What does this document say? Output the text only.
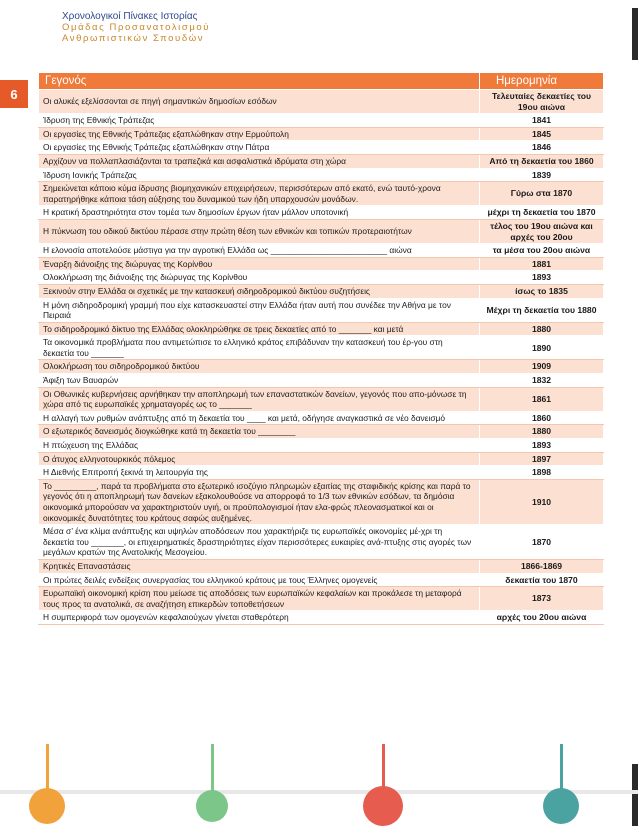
Χρονολογικοί Πίνακες Ιστορίας
Ομάδας Προσανατολισμού
Ανθρωπιστικών Σπουδών
6
Γεγονός	Ημερομηνία
Οι αλυκές εξελίσσονται σε πηγή σημαντικών δημοσίων εσόδων	Τελευταίες δεκαετίες του 19ου αιώνα
Ίδρυση της Εθνικής Τράπεζας	1841
Οι εργασίες της Εθνικής Τράπεζας εξαπλώθηκαν στην Ερμούπολη	1845
Οι εργασίες της Εθνικής Τράπεζας εξαπλώθηκαν στην Πάτρα	1846
Αρχίζουν να πολλαπλασιάζονται τα τραπεζικά και ασφαλιστικά ιδρύματα στη χώρα	Από τη δεκαετία του 1860
Ίδρυση Ιονικής Τράπεζας	1839
Σημειώνεται κάποιο κύμα ίδρυσης βιομηχανικών επιχειρήσεων, περισσότερων από εκατό, ενώ ταυτό-χρονα παρατηρήθηκε κάποια τάση αύξησης του δυναμικού των ήδη υπαρχουσών μονάδων.	Γύρω στα 1870
Η κρατική δραστηριότητα στον τομέα των δημοσίων έργων ήταν μάλλον υποτονική	μέχρι τη δεκαετία του 1870
Η πύκνωση του οδικού δικτύου πέρασε στην πρώτη θέση των εθνικών και τοπικών προτεραιοτήτων	τέλος του 19ου αιώνα και αρχές του 20ου
Η ελονοσία αποτελούσε μάστιγα για την αγροτική Ελλάδα ως _________________________ αιώνα	τα μέσα του 20ου αιώνα
Έναρξη διάνοιξης της διώρυγας της Κορίνθου	1881
Ολοκλήρωση της διάνοιξης της διώρυγας της Κορίνθου	1893
Ξεκινούν στην Ελλάδα οι σχετικές με την κατασκευή σιδηροδρομικού δικτύου συζητήσεις	ίσως το 1835
Η μόνη σιδηροδρομική γραμμή που είχε κατασκευαστεί στην Ελλάδα ήταν αυτή που συνέδεε την Αθήνα με τον Πειραιά	Μέχρι τη δεκαετία του 1880
Το σιδηροδρομικό δίκτυο της Ελλάδας ολοκληρώθηκε σε τρεις δεκαετίες από το _______ και μετά	1880
Τα οικονομικά προβλήματα που αντιμετώπισε το ελληνικό κράτος επιβάδυναν την κατασκευή του έρ-γου στη δεκαετία του _______	1890
Ολοκλήρωση του σιδηροδρομικού δικτύου	1909
Άφιξη των Βαυαρών	1832
Οι Οθωνικές κυβερνήσεις αρνήθηκαν την αποπληρωμή των επαναστατικών δανείων, γεγονός που απο-μόνωσε τη χώρα από τις ευρωπαϊκές χρηματαγορές ως το _______	1861
Η αλλαγή των ρυθμών ανάπτυξης από τη δεκαετία του ____ και μετά, οδήγησε αναγκαστικά σε νέο δανεισμό	1860
Ο εξωτερικός δανεισμός διογκώθηκε κατά τη δεκαετία του ________	1880
Η πτώχευση της Ελλάδας	1893
Ο άτυχος ελληνοτουρκικός πόλεμος	1897
Η Διεθνής Επιτροπή ξεκινά τη λειτουργία της	1898
Το _________, παρά τα προβλήματα στο εξωτερικό ισοζύγιο πληρωμών εξαιτίας της σταφιδικής κρίσης και παρά το γεγονός ότι η αποπληρωμή των δανείων εξακολουθούσε να απορροφά το 1/3 των εθνικών εσόδων, τα δημόσια οικονομικά μπορούσαν να χαρακτηριστούν υγιή, οι προϋπολογισμοί ήταν ελα-φρώς πλεονασματικοί και οι οικονομικές δυνατότητες του κράτους σαφώς αυξημένες.	1910
Μέσα σ’ ένα κλίμα ανάπτυξης και υψηλών αποδόσεων που χαρακτήριζε τις ευρωπαϊκές οικονομίες μέ-χρι τη δεκαετία του _______, οι επιχειρηματικές δραστηριότητες είχαν περισσότερες ευκαιρίες ανά-πτυξης στις αγορές των μεγάλων κρατών της Ανατολικής Μεσογείου.	1870
Κρητικές Επαναστάσεις	1866-1869
Οι πρώτες δειλές ενδείξεις συνεργασίας του ελληνικού κράτους με τους Έλληνες ομογενείς	δεκαετία του 1870
Ευρωπαϊκή οικονομική κρίση που μείωσε τις αποδόσεις των ευρωπαϊκών κεφαλαίων και προκάλεσε τη μεταφορά τους προς τα ανατολικά, σε αναζήτηση επικερδών τοποθετήσεων	1873
Η συμπεριφορά των ομογενών κεφαλαιούχων γίνεται σταθερότερη	αρχές του 20ου αιώνα
